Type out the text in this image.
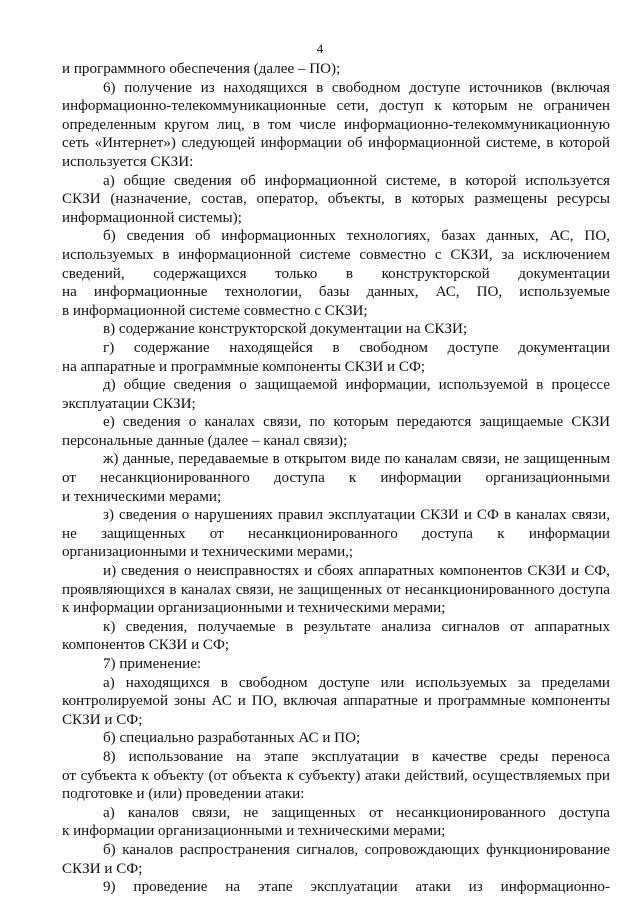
4
и программного обеспечения (далее – ПО);
6) получение из находящихся в свободном доступе источников (включая
информационно-телекоммуникационные сети, доступ к которым не ограничен
определенным кругом лиц, в том числе информационно-телекоммуникационную
сеть «Интернет») следующей информации об информационной системе, в которой
используется СКЗИ:
а) общие сведения об информационной системе, в которой используется
СКЗИ (назначение, состав, оператор, объекты, в которых размещены ресурсы
информационной системы);
б) сведения об информационных технологиях, базах данных, АС, ПО,
используемых в информационной системе совместно с СКЗИ, за исключением
сведений, содержащихся только в конструкторской документации
на информационные технологии, базы данных, АС, ПО, используемые
в информационной системе совместно с СКЗИ;
в) содержание конструкторской документации на СКЗИ;
г) содержание находящейся в свободном доступе документации
на аппаратные и программные компоненты СКЗИ и СФ;
д) общие сведения о защищаемой информации, используемой в процессе
эксплуатации СКЗИ;
е) сведения о каналах связи, по которым передаются защищаемые СКЗИ
персональные данные (далее – канал связи);
ж) данные, передаваемые в открытом виде по каналам связи, не защищенным
от несанкционированного доступа к информации организационными
и техническими мерами;
з) сведения о нарушениях правил эксплуатации СКЗИ и СФ в каналах связи,
не защищенных от несанкционированного доступа к информации
организационными и техническими мерами,;
и) сведения о неисправностях и сбоях аппаратных компонентов СКЗИ и СФ,
проявляющихся в каналах связи, не защищенных от несанкционированного доступа
к информации организационными и техническими мерами;
к) сведения, получаемые в результате анализа сигналов от аппаратных
компонентов СКЗИ и СФ;
7) применение:
а) находящихся в свободном доступе или используемых за пределами
контролируемой зоны АС и ПО, включая аппаратные и программные компоненты
СКЗИ и СФ;
б) специально разработанных АС и ПО;
8) использование на этапе эксплуатации в качестве среды переноса
от субъекта к объекту (от объекта к субъекту) атаки действий, осуществляемых при
подготовке и (или) проведении атаки:
а) каналов связи, не защищенных от несанкционированного доступа
к информации организационными и техническими мерами;
б) каналов распространения сигналов, сопровождающих функционирование
СКЗИ и СФ;
9) проведение на этапе эксплуатации атаки из информационно-
